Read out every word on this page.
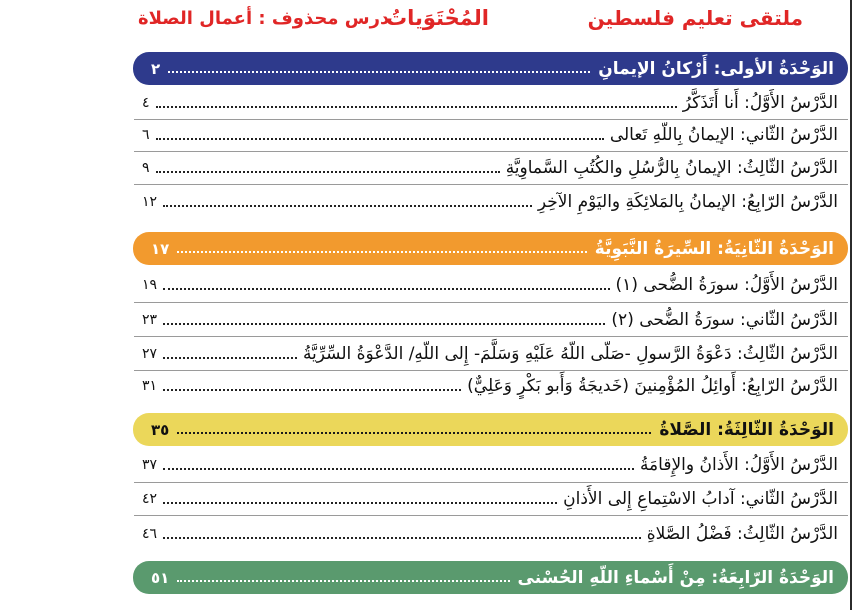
ملتقى تعليم فلسطين
المُحْتَوَياتُ
درس محذوف : أعمال الصلاة
الوَحْدَةُ الأولى: أَرْكانُ الإيمانِ
٢
الدَّرْسُ الأَوَّلُ: أَنا أَتَذَكَّرُ
٤
الدَّرْسُ الثّاني: الإيمانُ بِاللّهِ تَعالى
٦
الدَّرْسُ الثّالِثُ: الإيمانُ بِالرُّسُلِ والكُتُبِ السَّماوِيَّةِ
٩
الدَّرْسُ الرّابِعُ: الإيمانُ بِالمَلائِكَةِ واليَوْمِ الآخِرِ
١٢
الوَحْدَةُ الثّانِيَةُ: السِّيرَةُ النَّبَوِيَّةُ
١٧
الدَّرْسُ الأَوَّلُ: سورَةُ الضُّحى (١)
١٩
الدَّرْسُ الثّاني: سورَةُ الضُّحى (٢)
٢٣
الدَّرْسُ الثّالِثُ: دَعْوَةُ الرَّسولِ -صَلّى اللّهُ عَلَيْهِ وَسَلَّمَ- إِلى اللّهِ/ الدَّعْوَةُ السِّرِّيَّةُ
٢٧
الدَّرْسُ الرّابِعُ: أَوائِلُ المُؤْمِنينَ (خَديجَةُ وَأَبو بَكْرٍ وَعَلِيٌّ)
٣١
الوَحْدَةُ الثّالِثَةُ: الصَّلاةُ
٣٥
الدَّرْسُ الأَوَّلُ: الأَذانُ والإِقامَةُ
٣٧
الدَّرْسُ الثّاني: آدابُ الاسْتِماعِ إِلى الأَذانِ
٤٢
الدَّرْسُ الثّالِثُ: فَضْلُ الصَّلاةِ
٤٦
الوَحْدَةُ الرّابِعَةُ: مِنْ أَسْماءِ اللّهِ الحُسْنى
٥١
